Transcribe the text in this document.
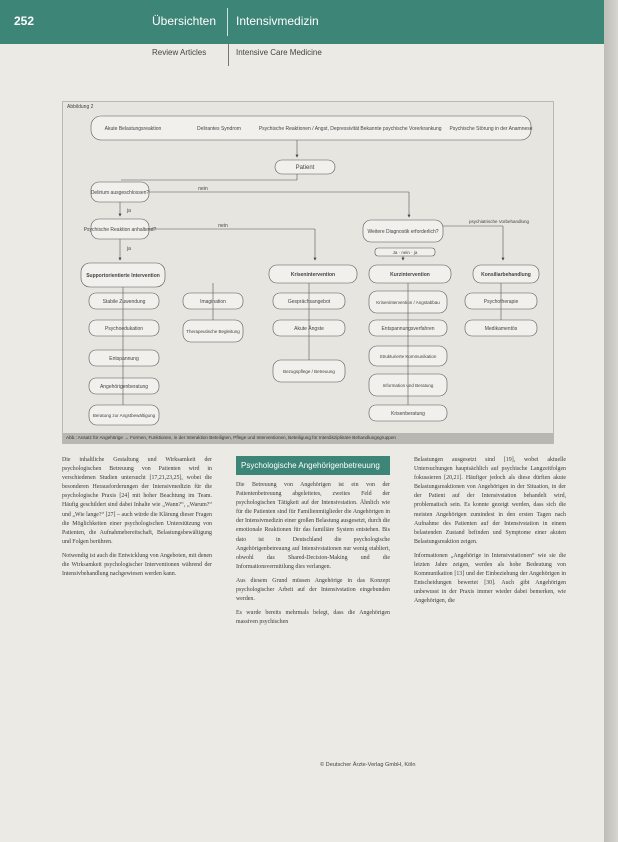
252	Übersichten Intensivmedizin
Review Articles	Intensive Care Medicine
Abbildung 2
Akute Belastungsreaktion	Delirantes Syndrom	Psychische Reaktionen / Angst, Depressivität Bekannte psychische Vorerkrankung Psychische Störung in der Anamnese
Patient
Delirium ausgeschlossen?
Psychische Reaktion anhaltend?	Weitere Diagnostik erforderlich?
nein
nein
ja
ja
psychiatrische Vorbehandlung
Ja · nein · ja
Supportorientierte Intervention	Krisenintervention	Kurzintervention	Konsiliarbehandlung
Stabile Zuwendung
Psychoedukation
Entspannung
Angehörigenberatung
Beratung zur Angstbewältigung
Imagination
Therapeutische Begleitung
Gesprächsangebot
Akute Ängste
Bezugspflege / Betreuung
Krisenintervention / Angstabbau
Entspannungsverfahren
Strukturierte Kommunikation
Information und Beratung
Krisenberatung
Psychotherapie
Medikamentös
Abb.: Ansatz für Angehörige → Formen, Funktionen, in der Interaktion Beteiligten, Pflege und Interventionen, Beteiligung für Interdisziplinäre Behandlungsgruppen

Die inhaltliche Gestaltung und Wirksamkeit der psychologischen Betreuung von Patienten wird in verschiedenen Studien untersucht [17,21,23,25], wobei die besonderen Herausforderungen der Intensivmedizin für die psychologische Praxis [24] mit hoher Beachtung im Team. Häufig geschildert sind dabei Inhalte wie „Wann?“, „Warum?“ und „Wie lange?“ [27] – auch würde die Klärung dieser Fragen die Möglichkeiten einer psychologischen Unterstützung von Patienten, die Aufnahmebereitschaft, Belastungsbewältigung und Folgen berühren.

Notwendig ist auch die Entwicklung von Angeboten, mit denen die Wirksamkeit psychologischer Interventionen während der Intensivbehandlung nachgewiesen werden kann.

Psychologische Angehörigenbetreuung

Die Betreuung von Angehörigen ist ein von der Patientenbetreuung abgeleitetes, zweites Feld der psychologischen Tätigkeit auf der Intensivstation. Ähnlich wie für die Patienten sind für Familienmitglieder die Angehörigen in der Intensivmedizin einer großen Belastung ausgesetzt, durch die emotionale Reaktionen für das familiäre System entstehen. Bis dato ist in Deutschland die psychologische Angehörigenbetreuung auf Intensivstationen nur wenig etabliert, obwohl das Shared-Decision-Making und die Informationsvermittlung dies verlangen.

Aus diesem Grund müssen Angehörige in das Konzept psychologischer Arbeit auf der Intensivstation eingebunden werden.

Es wurde bereits mehrmals belegt, dass die Angehörigen massiven psychischen

Belastungen ausgesetzt sind [19], wobei aktuelle Untersuchungen hauptsächlich auf psychische Langzeitfolgen fokussieren [20,21]. Häufiger jedoch als diese dürften akute Belastungsreaktionen von Angehörigen in der Situation, in der der Patient auf der Intensivstation behandelt wird, problematisch sein. Es konnte gezeigt werden, dass sich die meisten Angehörigen zumindest in den ersten Tagen nach Aufnahme des Patienten auf der Intensivstation in einem belastenden Zustand befinden und Symptome einer akuten Belastungsreaktion zeigen.

Informationen „Angehörige in Intensivstationen“ wie sie die letzten Jahre zeigen, werden als hohe Bedeutung von Kommunikation [13] und der Einbeziehung der Angehörigen in Entscheidungen bewertet [30]. Auch gibt Angehörigen unbewusst in der Praxis immer wieder dabei bemerken, wie Angehörigen, die

© Deutscher Ärzte-Verlag GmbH, Köln
